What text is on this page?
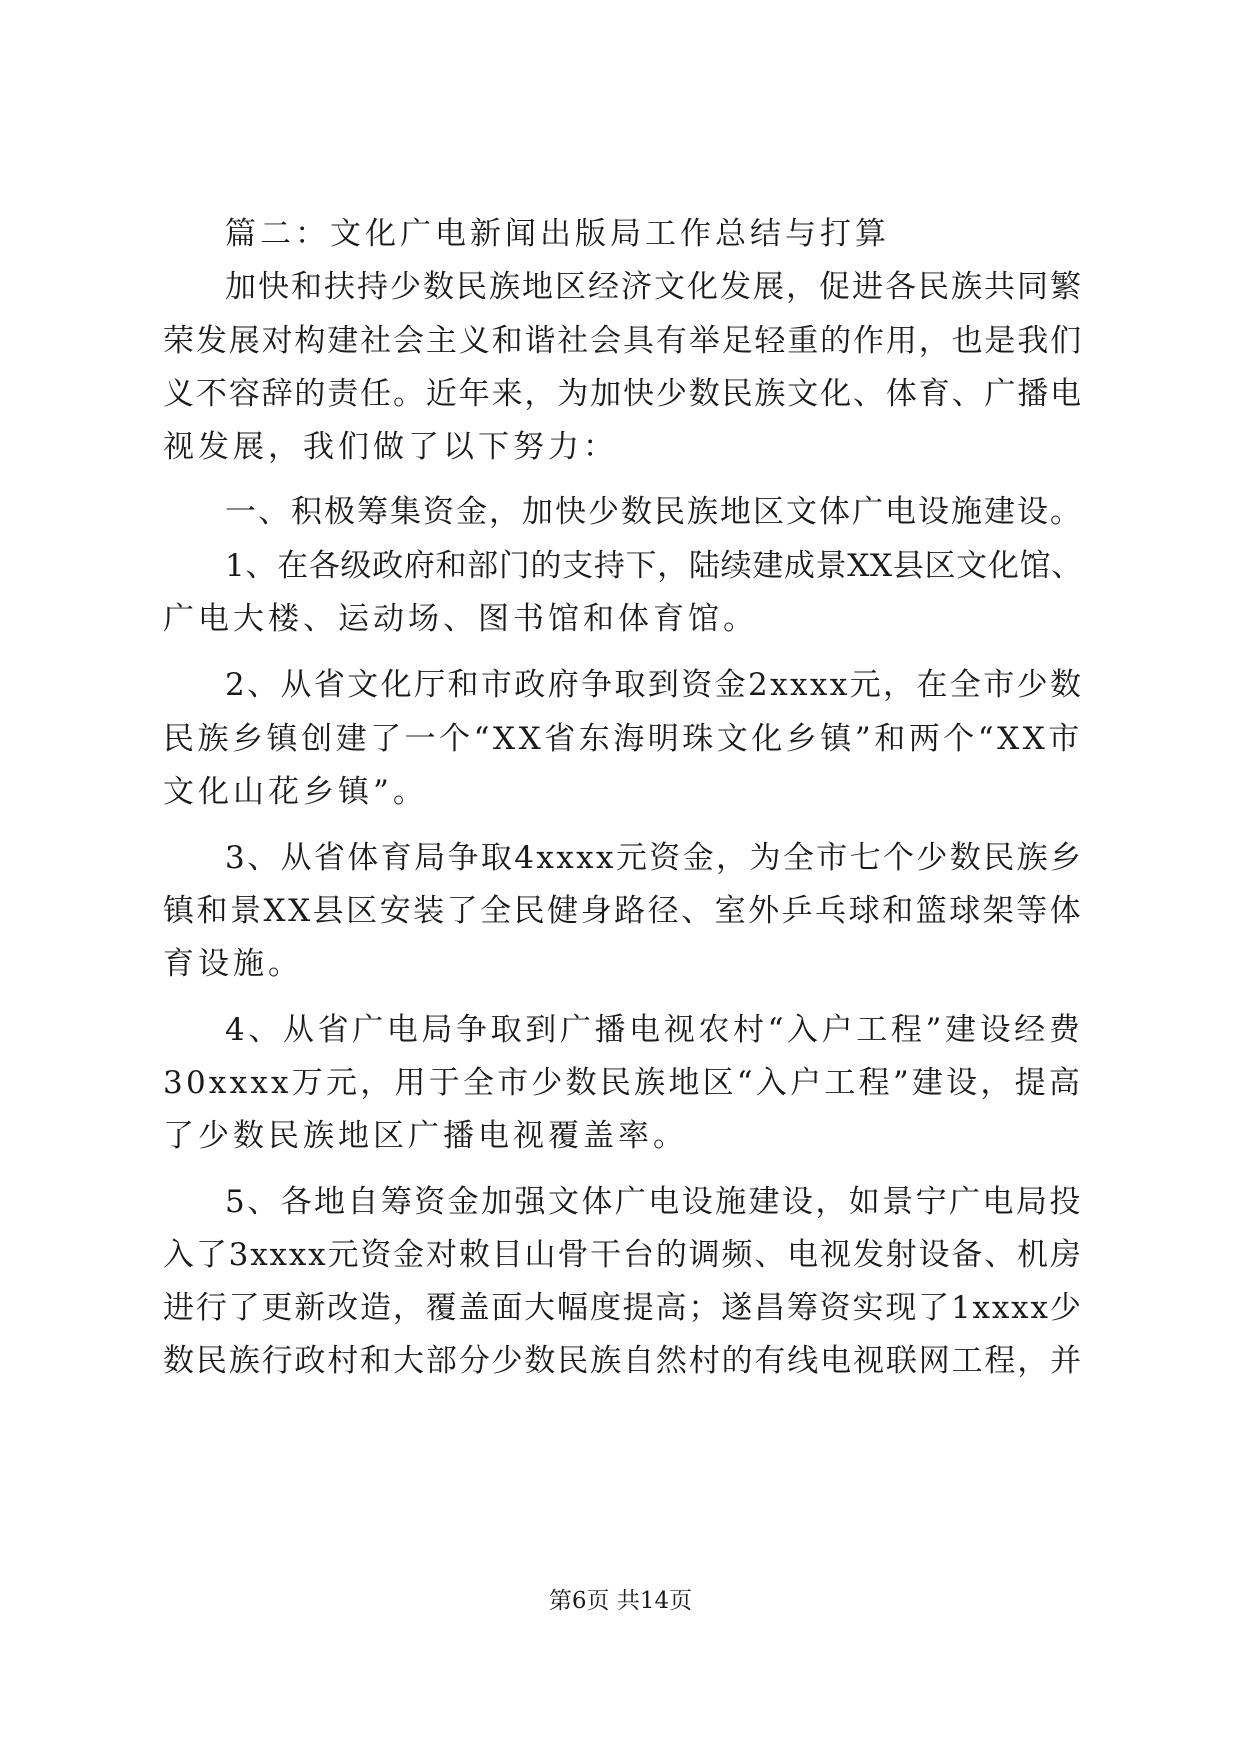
篇二：文化广电新闻出版局工作总结与打算
加快和扶持少数民族地区经济文化发展，促进各民族共同繁
荣发展对构建社会主义和谐社会具有举足轻重的作用，也是我们
义不容辞的责任。近年来，为加快少数民族文化、体育、广播电
视发展，我们做了以下努力：
一、积极筹集资金，加快少数民族地区文体广电设施建设。
1、在各级政府和部门的支持下，陆续建成景XX县区文化馆、
广电大楼、运动场、图书馆和体育馆。
2、从省文化厅和市政府争取到资金2xxxx元，在全市少数
民族乡镇创建了一个“XX省东海明珠文化乡镇”和两个“XX市
文化山花乡镇”。
3、从省体育局争取4xxxx元资金，为全市七个少数民族乡
镇和景XX县区安装了全民健身路径、室外乒乓球和篮球架等体
育设施。
4、从省广电局争取到广播电视农村“入户工程”建设经费
30xxxx万元，用于全市少数民族地区“入户工程”建设，提高
了少数民族地区广播电视覆盖率。
5、各地自筹资金加强文体广电设施建设，如景宁广电局投
入了3xxxx元资金对敕目山骨干台的调频、电视发射设备、机房
进行了更新改造，覆盖面大幅度提高；遂昌筹资实现了1xxxx少
数民族行政村和大部分少数民族自然村的有线电视联网工程，并
第6页 共14页
